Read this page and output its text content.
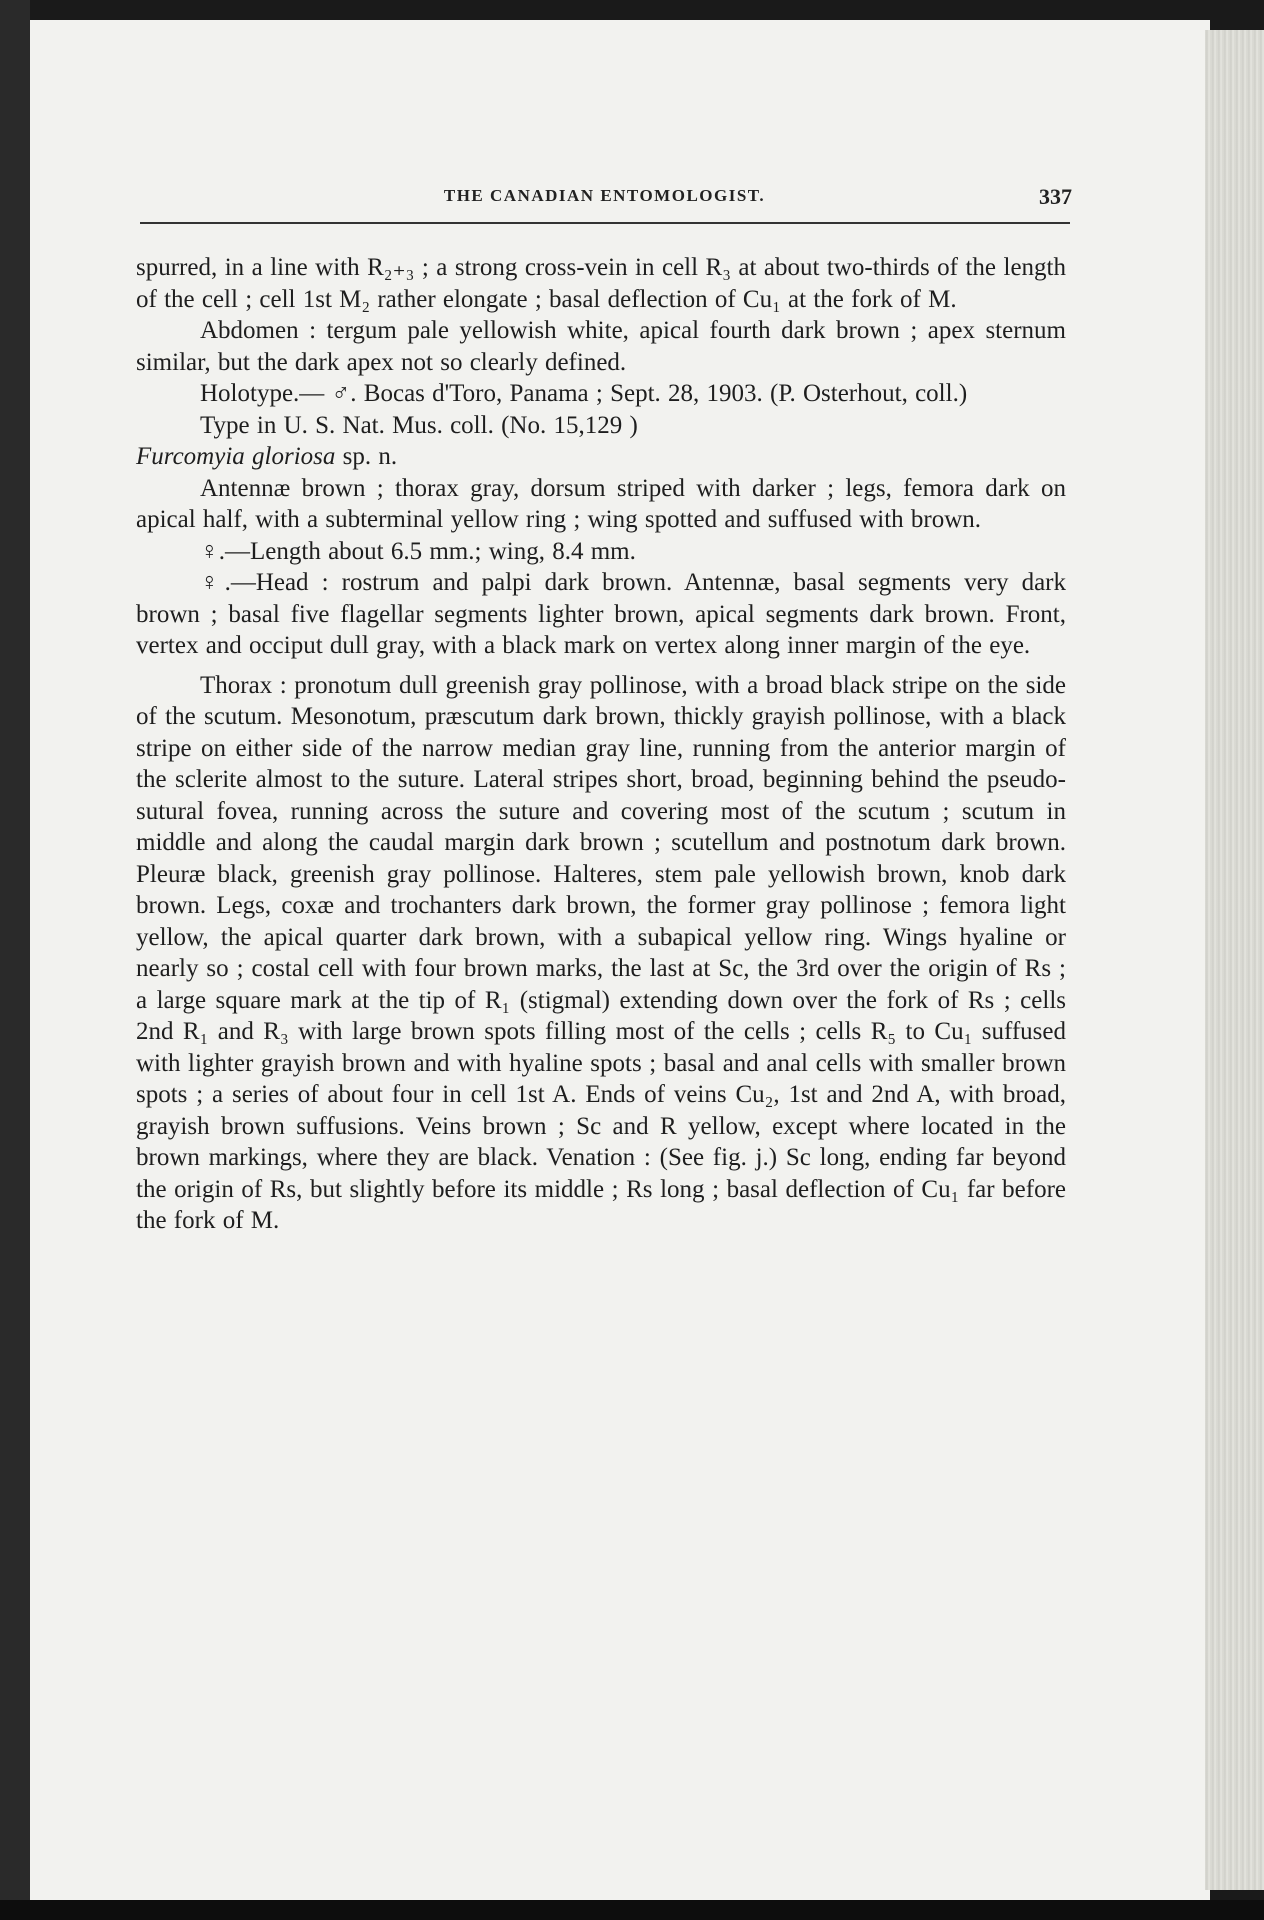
THE CANADIAN ENTOMOLOGIST.	337

spurred, in a line with R₂₊₃ ; a strong cross-vein in cell R₃ at about two-thirds of the length of the cell ; cell 1st M₂ rather elongate ; basal deflection of Cu₁ at the fork of M.

Abdomen : tergum pale yellowish white, apical fourth dark brown ; apex sternum similar, but the dark apex not so clearly defined.

Holotype.— ♂. Bocas d'Toro, Panama ; Sept. 28, 1903. (P. Osterhout, coll.)

Type in U. S. Nat. Mus. coll. (No. 15,129 )

Furcomyia gloriosa sp. n.

Antennæ brown ; thorax gray, dorsum striped with darker ; legs, femora dark on apical half, with a subterminal yellow ring ; wing spotted and suffused with brown.

♀.—Length about 6.5 mm.; wing, 8.4 mm.

♀.—Head : rostrum and palpi dark brown. Antennæ, basal segments very dark brown ; basal five flagellar segments lighter brown, apical segments dark brown. Front, vertex and occiput dull gray, with a black mark on vertex along inner margin of the eye.

Thorax : pronotum dull greenish gray pollinose, with a broad black stripe on the side of the scutum. Mesonotum, præscutum dark brown, thickly grayish pollinose, with a black stripe on either side of the narrow median gray line, running from the anterior margin of the sclerite almost to the suture. Lateral stripes short, broad, beginning behind the pseudo-sutural fovea, running across the suture and covering most of the scutum ; scutum in middle and along the caudal margin dark brown ; scutellum and postnotum dark brown. Pleuræ black, greenish gray pollinose. Halteres, stem pale yellowish brown, knob dark brown. Legs, coxæ and trochanters dark brown, the former gray pollinose ; femora light yellow, the apical quarter dark brown, with a subapical yellow ring. Wings hyaline or nearly so ; costal cell with four brown marks, the last at Sc, the 3rd over the origin of Rs ; a large square mark at the tip of R₁ (stigmal) extending down over the fork of Rs ; cells 2nd R₁ and R₃ with large brown spots filling most of the cells ; cells R₅ to Cu₁ suffused with lighter grayish brown and with hyaline spots ; basal and anal cells with smaller brown spots ; a series of about four in cell 1st A. Ends of veins Cu₂, 1st and 2nd A, with broad, grayish brown suffusions. Veins brown ; Sc and R yellow, except where located in the brown markings, where they are black. Venation : (See fig. j.) Sc long, ending far beyond the origin of Rs, but slightly before its middle ; Rs long ; basal deflection of Cu₁ far before the fork of M.
